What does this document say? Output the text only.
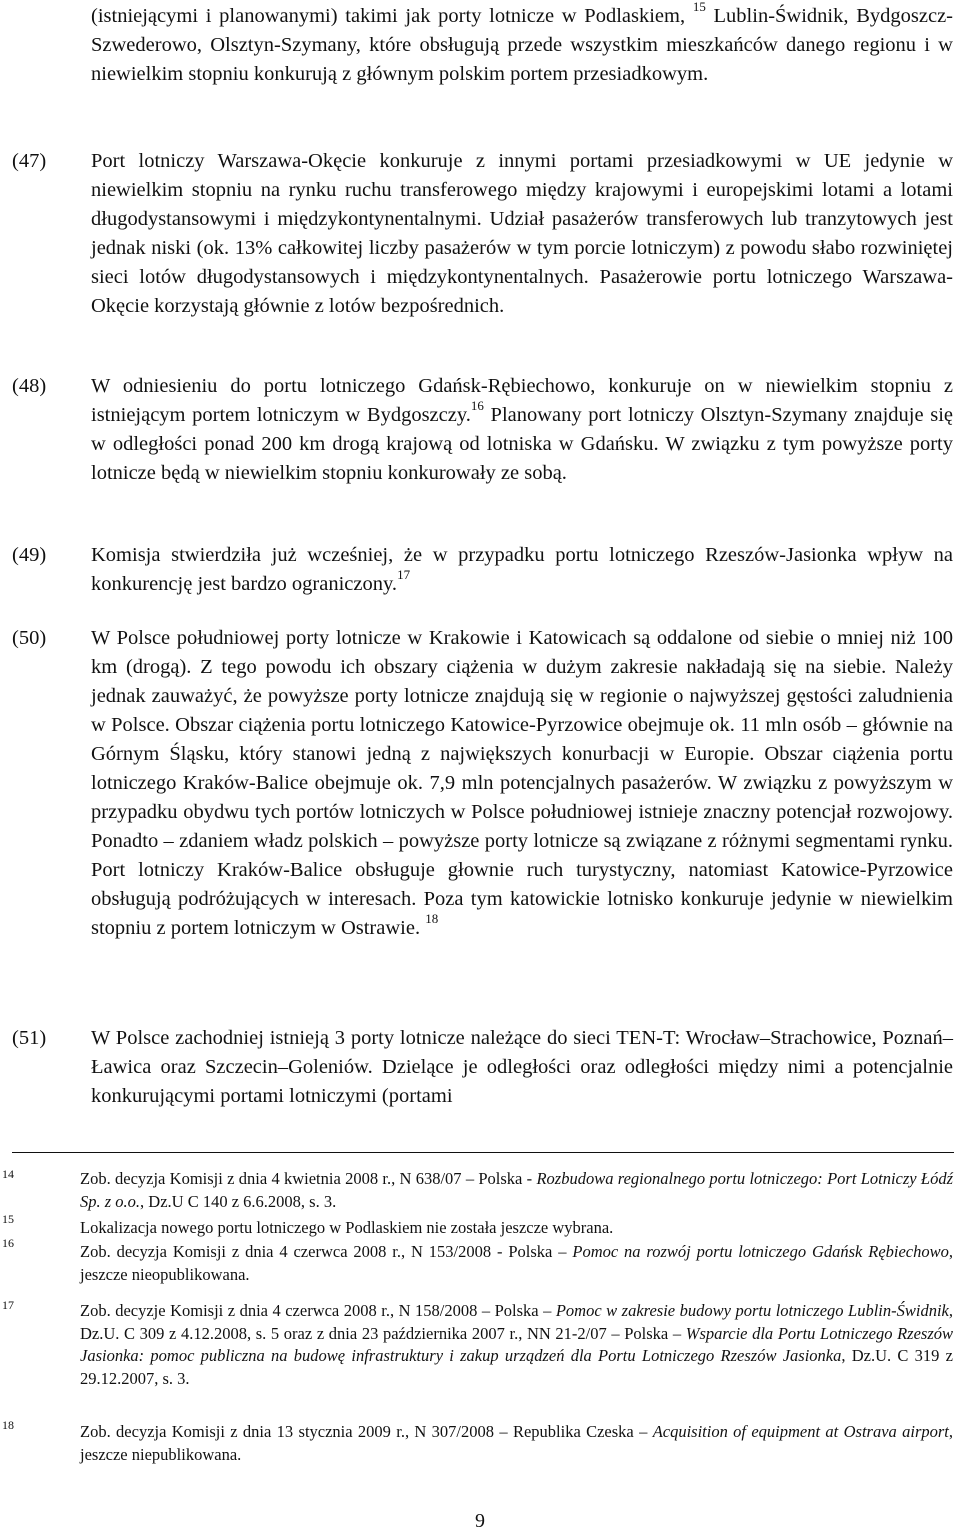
(istniejącymi i planowanymi) takimi jak porty lotnicze w Podlaskiem, $^{15}$ Lublin-Świdnik, Bydgoszcz-Szwederowo, Olsztyn-Szymany, które obsługują przede wszystkim mieszkańców danego regionu i w niewielkim stopniu konkurują z głównym polskim portem przesiadkowym.
(47) Port lotniczy Warszawa-Okęcie konkuruje z innymi portami przesiadkowymi w UE jedynie w niewielkim stopniu na rynku ruchu transferowego między krajowymi i europejskimi lotami a lotami długodystansowymi i międzykontynentalnymi. Udział pasażerów transferowych lub tranzytowych jest jednak niski (ok. 13% całkowitej liczby pasażerów w tym porcie lotniczym) z powodu słabo rozwiniętej sieci lotów długodystansowych i międzykontynentalnych. Pasażerowie portu lotniczego Warszawa-Okęcie korzystają głównie z lotów bezpośrednich.
(48) W odniesieniu do portu lotniczego Gdańsk-Rębiechowo, konkuruje on w niewielkim stopniu z istniejącym portem lotniczym w Bydgoszczy.$^{16}$ Planowany port lotniczy Olsztyn-Szymany znajduje się w odległości ponad 200 km drogą krajową od lotniska w Gdańsku. W związku z tym powyższe porty lotnicze będą w niewielkim stopniu konkurowały ze sobą.
(49) Komisja stwierdziła już wcześniej, że w przypadku portu lotniczego Rzeszów-Jasionka wpływ na konkurencję jest bardzo ograniczony.$^{17}$
(50) W Polsce południowej porty lotnicze w Krakowie i Katowicach są oddalone od siebie o mniej niż 100 km (drogą). Z tego powodu ich obszary ciążenia w dużym zakresie nakładają się na siebie. Należy jednak zauważyć, że powyższe porty lotnicze znajdują się w regionie o najwyższej gęstości zaludnienia w Polsce. Obszar ciążenia portu lotniczego Katowice-Pyrzowice obejmuje ok. 11 mln osób – głównie na Górnym Śląsku, który stanowi jedną z największych konurbacji w Europie. Obszar ciążenia portu lotniczego Kraków-Balice obejmuje ok. 7,9 mln potencjalnych pasażerów. W związku z powyższym w przypadku obydwu tych portów lotniczych w Polsce południowej istnieje znaczny potencjał rozwojowy. Ponadto – zdaniem władz polskich – powyższe porty lotnicze są związane z różnymi segmentami rynku. Port lotniczy Kraków-Balice obsługuje głownie ruch turystyczny, natomiast Katowice-Pyrzowice obsługują podróżujących w interesach. Poza tym katowickie lotnisko konkuruje jedynie w niewielkim stopniu z portem lotniczym w Ostrawie. $^{18}$
(51) W Polsce zachodniej istnieją 3 porty lotnicze należące do sieci TEN-T: Wrocław–Strachowice, Poznań–Ławica oraz Szczecin–Goleniów. Dzielące je odległości oraz odległości między nimi a potencjalnie konkurującymi portami lotniczymi (portami
14
15
16
17
18
Zob. decyzja Komisji z dnia 4 kwietnia 2008 r., N 638/07 – Polska - Rozbudowa regionalnego portu lotniczego: Port Lotniczy Łódź Sp. z o.o., Dz.U C 140 z 6.6.2008, s. 3.
Lokalizacja nowego portu lotniczego w Podlaskiem nie została jeszcze wybrana.
Zob. decyzja Komisji z dnia 4 czerwca 2008 r., N 153/2008 - Polska – Pomoc na rozwój portu lotniczego Gdańsk Rębiechowo, jeszcze nieopublikowana.
Zob. decyzje Komisji z dnia 4 czerwca 2008 r., N 158/2008 – Polska – Pomoc w zakresie budowy portu lotniczego Lublin-Świdnik, Dz.U. C 309 z 4.12.2008, s. 5 oraz z dnia 23 października 2007 r., NN 21-2/07 – Polska – Wsparcie dla Portu Lotniczego Rzeszów Jasionka: pomoc publiczna na budowę infrastruktury i zakup urządzeń dla Portu Lotniczego Rzeszów Jasionka, Dz.U. C 319 z 29.12.2007, s. 3.
Zob. decyzja Komisji z dnia 13 stycznia 2009 r., N 307/2008 – Republika Czeska – Acquisition of equipment at Ostrava airport, jeszcze niepublikowana.
9
